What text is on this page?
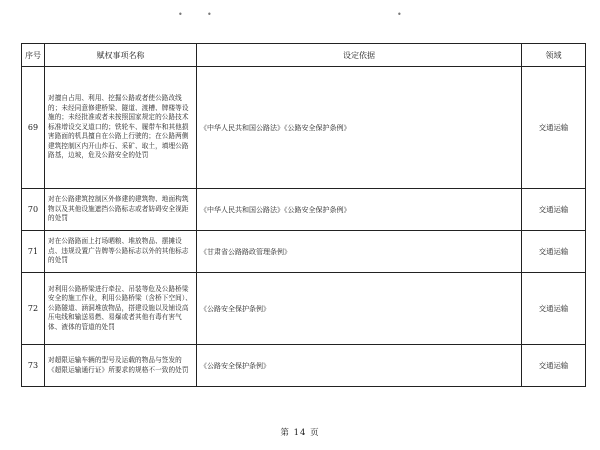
•	•	•
序号	赋权事项名称	设定依据	领域
69	对擅自占用、利用、挖掘公路或者使公路改线的；未经同意修建桥梁、隧道、渡槽、牌楼等设施的；未经批准或者未按照国家规定的公路技术标准增设交叉道口的；铁轮车、履带车和其他损害路面的机具擅自在公路上行驶的；在公路两侧建筑控制区内开山炸石、采矿、取土，填埋公路路基，边坡，危及公路安全的处罚	《中华人民共和国公路法》《公路安全保护条例》	交通运输
70	对在公路建筑控制区外修建的建筑物、地面构筑物以及其他设施遮挡公路标志或者妨碍安全视距的处罚	《中华人民共和国公路法》《公路安全保护条例》	交通运输
71	对在公路路面上打场晒粮、堆放物品、摆摊设点、违规设置广告牌等公路标志以外的其他标志的处罚	《甘肃省公路路政管理条例》	交通运输
72	对利用公路桥梁进行牵拉、吊装等危及公路桥梁安全的施工作业，利用公路桥梁（含桥下空间）、公路隧道、涵洞堆放物品，搭建设施以及铺设高压电线和输送易燃、易爆或者其他有毒有害气体、液体的管道的处罚	《公路安全保护条例》	交通运输
73	对超限运输车辆的型号及运载的物品与签发的《超限运输通行证》所要求的规格不一致的处罚	《公路安全保护条例》	交通运输
第 14 页
